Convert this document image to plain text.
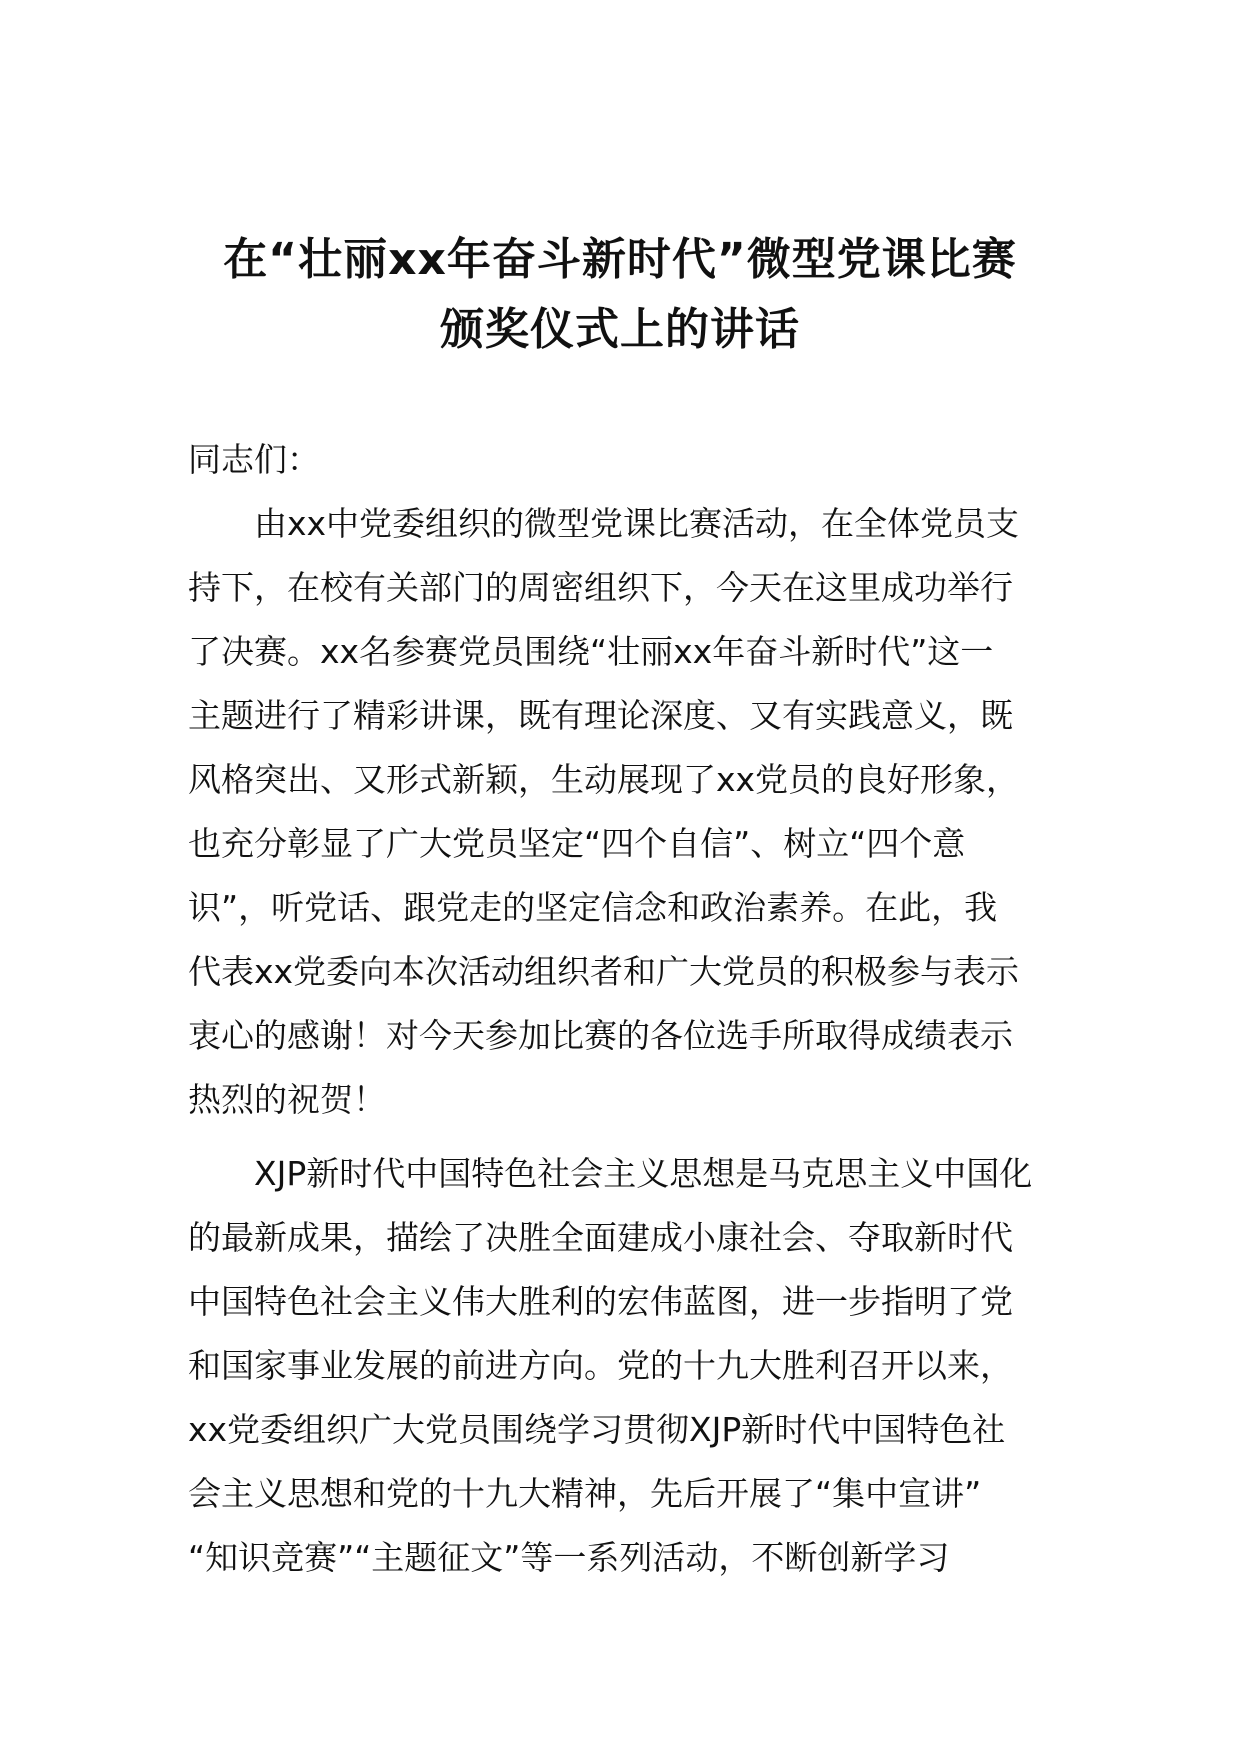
在“壮丽xx年奋斗新时代”微型党课比赛
颁奖仪式上的讲话
同志们：
　　由xx中党委组织的微型党课比赛活动，在全体党员支
持下，在校有关部门的周密组织下，今天在这里成功举行
了决赛。xx名参赛党员围绕“壮丽xx年奋斗新时代”这一
主题进行了精彩讲课，既有理论深度、又有实践意义，既
风格突出、又形式新颖，生动展现了xx党员的良好形象，
也充分彰显了广大党员坚定“四个自信”、树立“四个意
识”，听党话、跟党走的坚定信念和政治素养。在此，我
代表xx党委向本次活动组织者和广大党员的积极参与表示
衷心的感谢！对今天参加比赛的各位选手所取得成绩表示
热烈的祝贺！
　　XJP新时代中国特色社会主义思想是马克思主义中国化
的最新成果，描绘了决胜全面建成小康社会、夺取新时代
中国特色社会主义伟大胜利的宏伟蓝图，进一步指明了党
和国家事业发展的前进方向。党的十九大胜利召开以来，
xx党委组织广大党员围绕学习贯彻XJP新时代中国特色社
会主义思想和党的十九大精神，先后开展了“集中宣讲”
“知识竞赛”“主题征文”等一系列活动，不断创新学习
